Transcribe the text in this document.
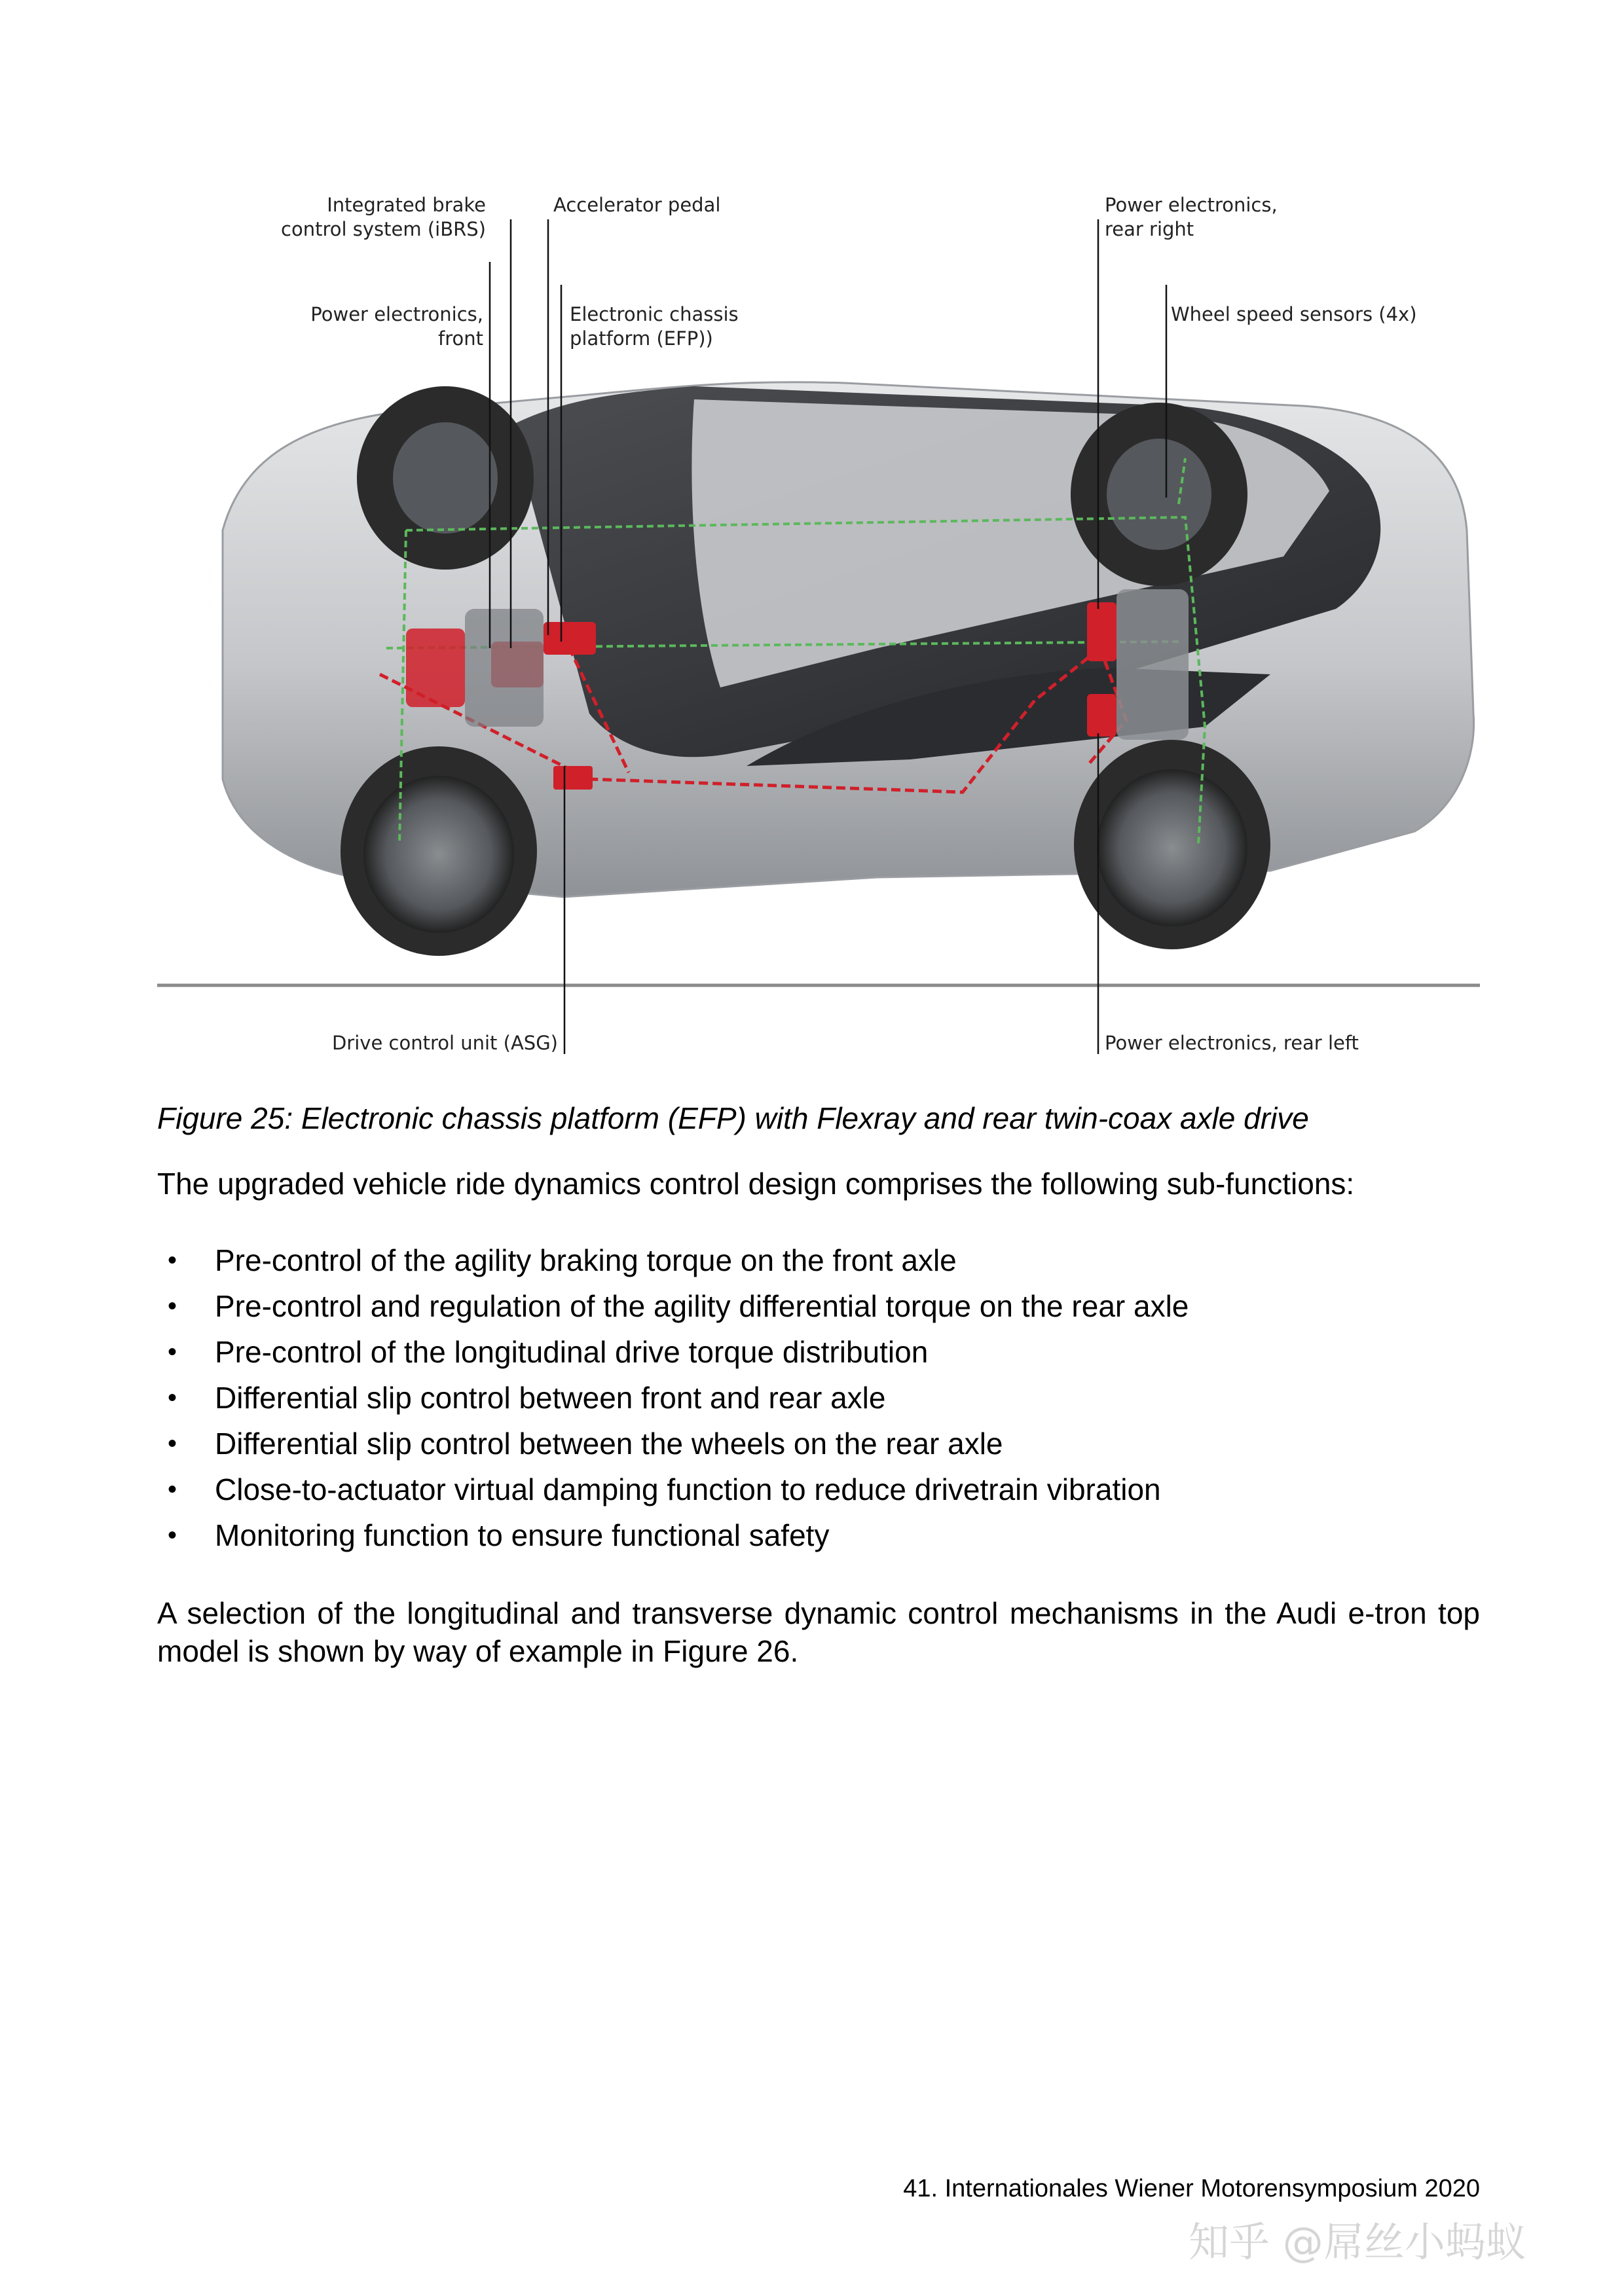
Integrated brake
control system (iBRS)
Accelerator pedal	Power electronics,
rear right
Power electronics,
front
Electronic chassis
platform (EFP))
Wheel speed sensors (4x)
Drive control unit (ASG)	Power electronics, rear left
Figure 25: Electronic chassis platform (EFP) with Flexray and rear twin-coax axle drive
The upgraded vehicle ride dynamics control design comprises the following sub-functions:
• Pre-control of the agility braking torque on the front axle
• Pre-control and regulation of the agility differential torque on the rear axle
• Pre-control of the longitudinal drive torque distribution
• Differential slip control between front and rear axle
• Differential slip control between the wheels on the rear axle
• Close-to-actuator virtual damping function to reduce drivetrain vibration
• Monitoring function to ensure functional safety
A selection of the longitudinal and transverse dynamic control mechanisms in the Audi e-tron top model is shown by way of example in Figure 26.
41. Internationales Wiener Motorensymposium 2020
知乎 @屌丝小蚂蚁
